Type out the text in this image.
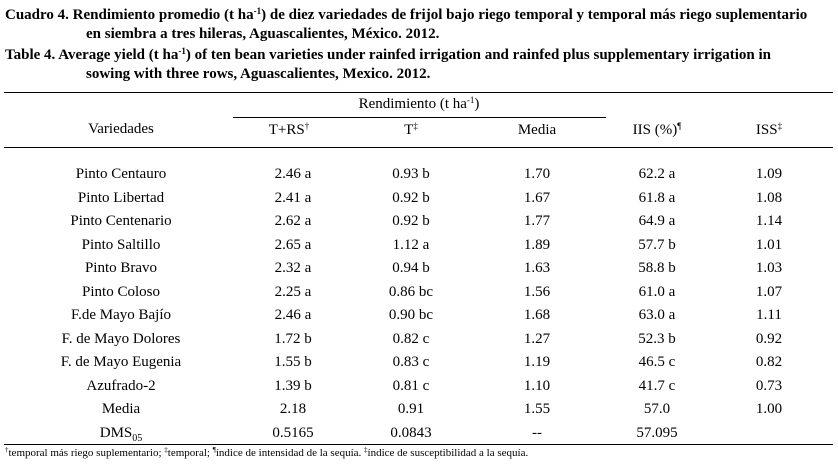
Cuadro 4. Rendimiento promedio (t $ha^{-1}$) de diez variedades de frijol bajo riego temporal y temporal más riego suplementario
en siembra a tres hileras, Aguascalientes, México. 2012.
Table 4. Average yield (t $ha^{-1}$) of ten bean varieties under rainfed irrigation and rainfed plus supplementary irrigation in
sowing with three rows, Aguascalientes, Mexico. 2012.
Variedades
Rendimiento (t $ha^{-1}$)
T+RS†	T‡	Media	IIS (%)¶	ISS‡
Pinto Centauro	2.46 a	0.93 b	1.70	62.2 a	1.09
Pinto Libertad	2.41 a	0.92 b	1.67	61.8 a	1.08
Pinto Centenario	2.62 a	0.92 b	1.77	64.9 a	1.14
Pinto Saltillo	2.65 a	1.12 a	1.89	57.7 b	1.01
Pinto Bravo	2.32 a	0.94 b	1.63	58.8 b	1.03
Pinto Coloso	2.25 a	0.86 bc	1.56	61.0 a	1.07
F.de Mayo Bajío	2.46 a	0.90 bc	1.68	63.0 a	1.11
F. de Mayo Dolores	1.72 b	0.82 c	1.27	52.3 b	0.92
F. de Mayo Eugenia	1.55 b	0.83 c	1.19	46.5 c	0.82
Azufrado-2	1.39 b	0.81 c	1.10	41.7 c	0.73
Media	2.18	0.91	1.55	57.0	1.00
$DMS_{05}$	0.5165	0.0843	--	57.095
†temporal más riego suplementario; ‡temporal; ¶índice de intensidad de la sequía. ‡índice de susceptibilidad a la sequía.
